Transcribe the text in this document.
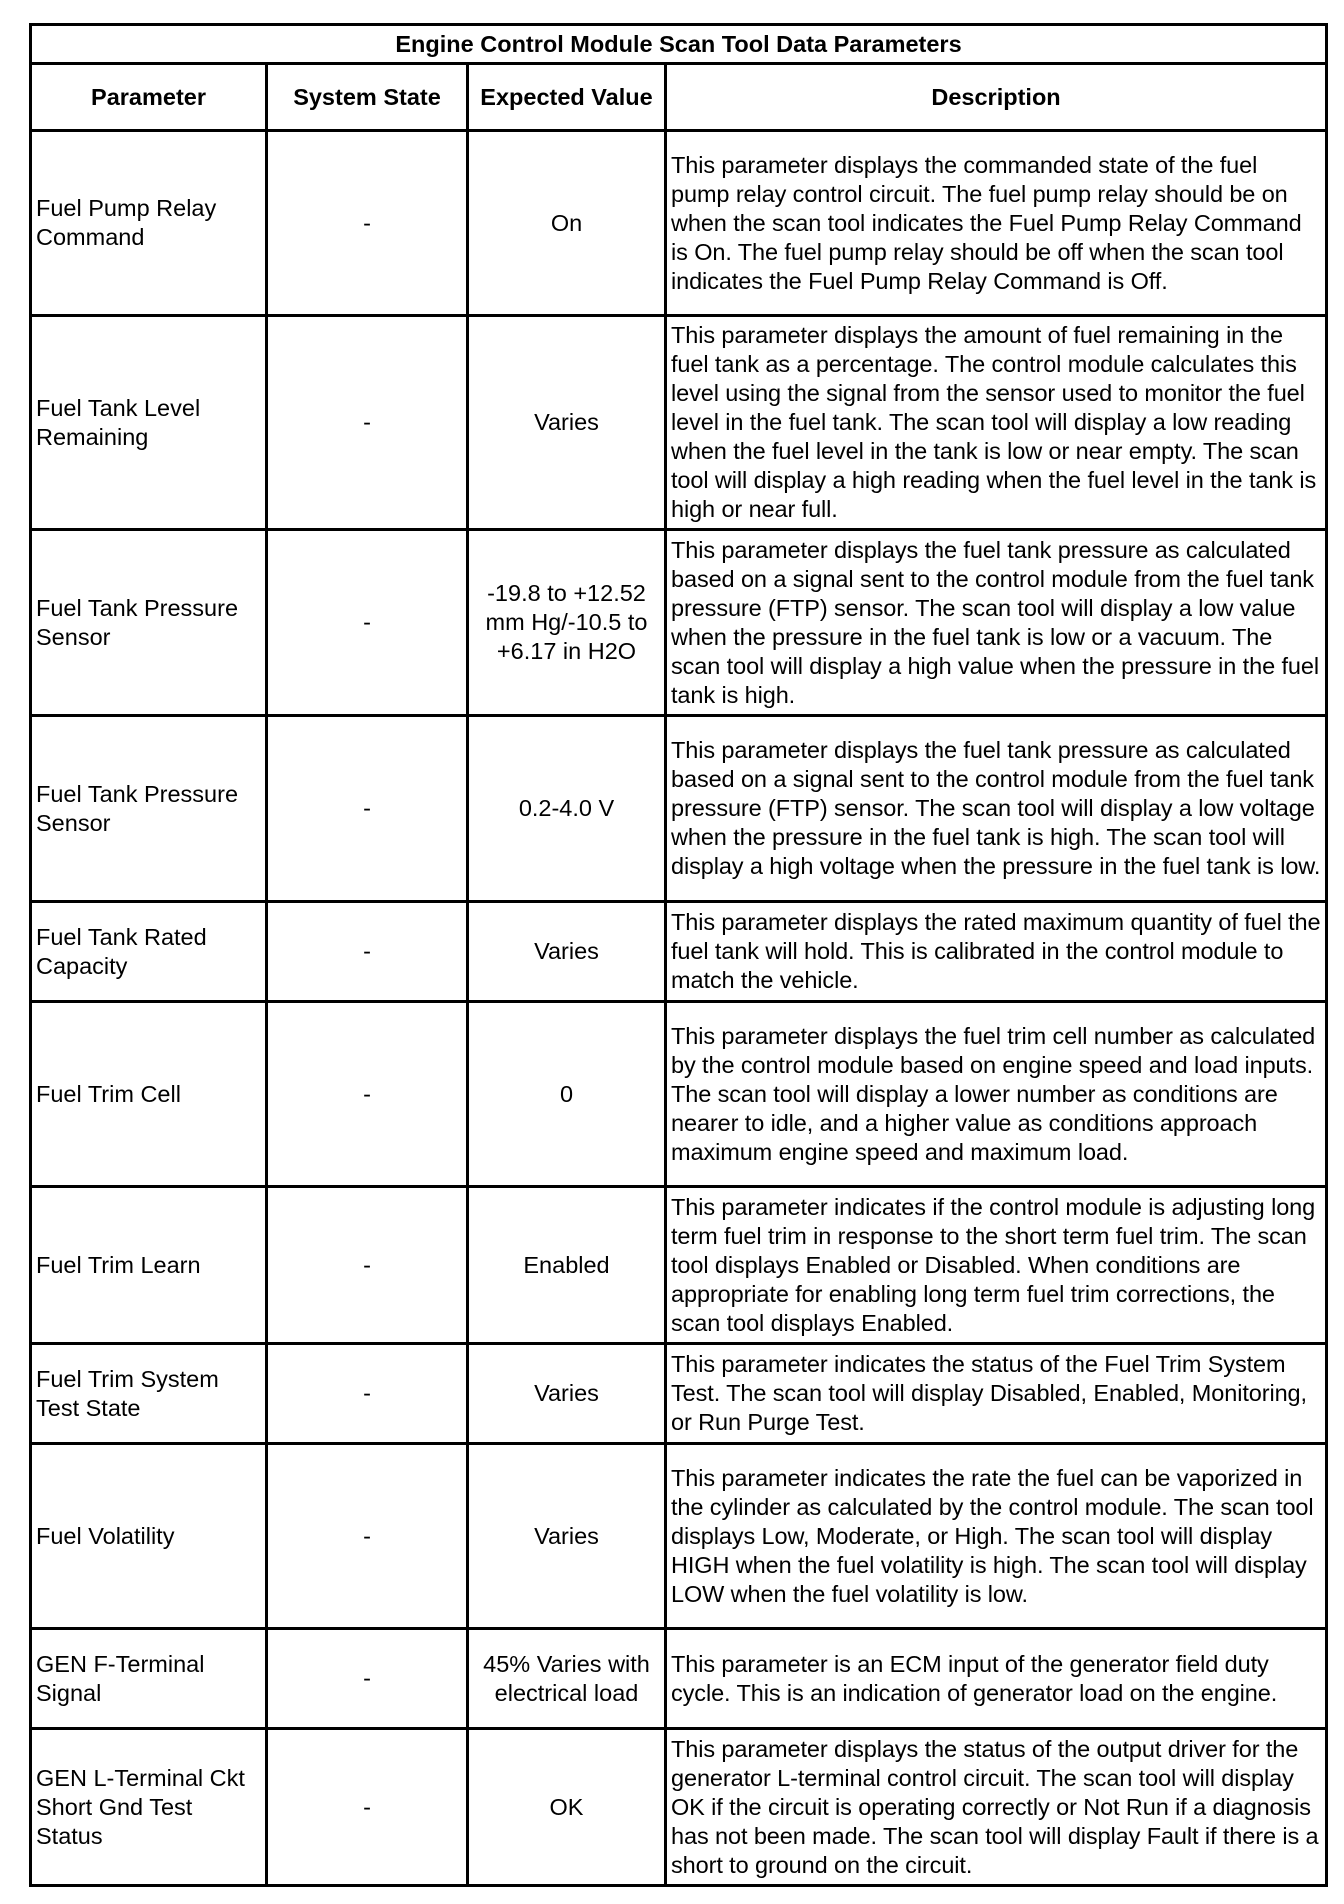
Engine Control Module Scan Tool Data Parameters			
Parameter	System State	Expected Value	Description
Fuel Pump Relay Command	-	On	This parameter displays the commanded state of the fuel pump relay control circuit. The fuel pump relay should be on when the scan tool indicates the Fuel Pump Relay Command is On. The fuel pump relay should be off when the scan tool indicates the Fuel Pump Relay Command is Off.
Fuel Tank Level Remaining	-	Varies	This parameter displays the amount of fuel remaining in the fuel tank as a percentage. The control module calculates this level using the signal from the sensor used to monitor the fuel level in the fuel tank. The scan tool will display a low reading when the fuel level in the tank is low or near empty. The scan tool will display a high reading when the fuel level in the tank is high or near full.
Fuel Tank Pressure Sensor	-	-19.8 to +12.52 mm Hg/-10.5 to +6.17 in H2O	This parameter displays the fuel tank pressure as calculated based on a signal sent to the control module from the fuel tank pressure (FTP) sensor. The scan tool will display a low value when the pressure in the fuel tank is low or a vacuum. The scan tool will display a high value when the pressure in the fuel tank is high.
Fuel Tank Pressure Sensor	-	0.2-4.0 V	This parameter displays the fuel tank pressure as calculated based on a signal sent to the control module from the fuel tank pressure (FTP) sensor. The scan tool will display a low voltage when the pressure in the fuel tank is high. The scan tool will display a high voltage when the pressure in the fuel tank is low.
Fuel Tank Rated Capacity	-	Varies	This parameter displays the rated maximum quantity of fuel the fuel tank will hold. This is calibrated in the control module to match the vehicle.
Fuel Trim Cell	-	0	This parameter displays the fuel trim cell number as calculated by the control module based on engine speed and load inputs. The scan tool will display a lower number as conditions are nearer to idle, and a higher value as conditions approach maximum engine speed and maximum load.
Fuel Trim Learn	-	Enabled	This parameter indicates if the control module is adjusting long term fuel trim in response to the short term fuel trim. The scan tool displays Enabled or Disabled. When conditions are appropriate for enabling long term fuel trim corrections, the scan tool displays Enabled.
Fuel Trim System Test State	-	Varies	This parameter indicates the status of the Fuel Trim System Test. The scan tool will display Disabled, Enabled, Monitoring, or Run Purge Test.
Fuel Volatility	-	Varies	This parameter indicates the rate the fuel can be vaporized in the cylinder as calculated by the control module. The scan tool displays Low, Moderate, or High. The scan tool will display HIGH when the fuel volatility is high. The scan tool will display LOW when the fuel volatility is low.
GEN F-Terminal Signal	-	45% Varies with electrical load	This parameter is an ECM input of the generator field duty cycle. This is an indication of generator load on the engine.
GEN L-Terminal Ckt Short Gnd Test Status	-	OK	This parameter displays the status of the output driver for the generator L-terminal control circuit. The scan tool will display OK if the circuit is operating correctly or Not Run if a diagnosis has not been made. The scan tool will display Fault if there is a short to ground on the circuit.
